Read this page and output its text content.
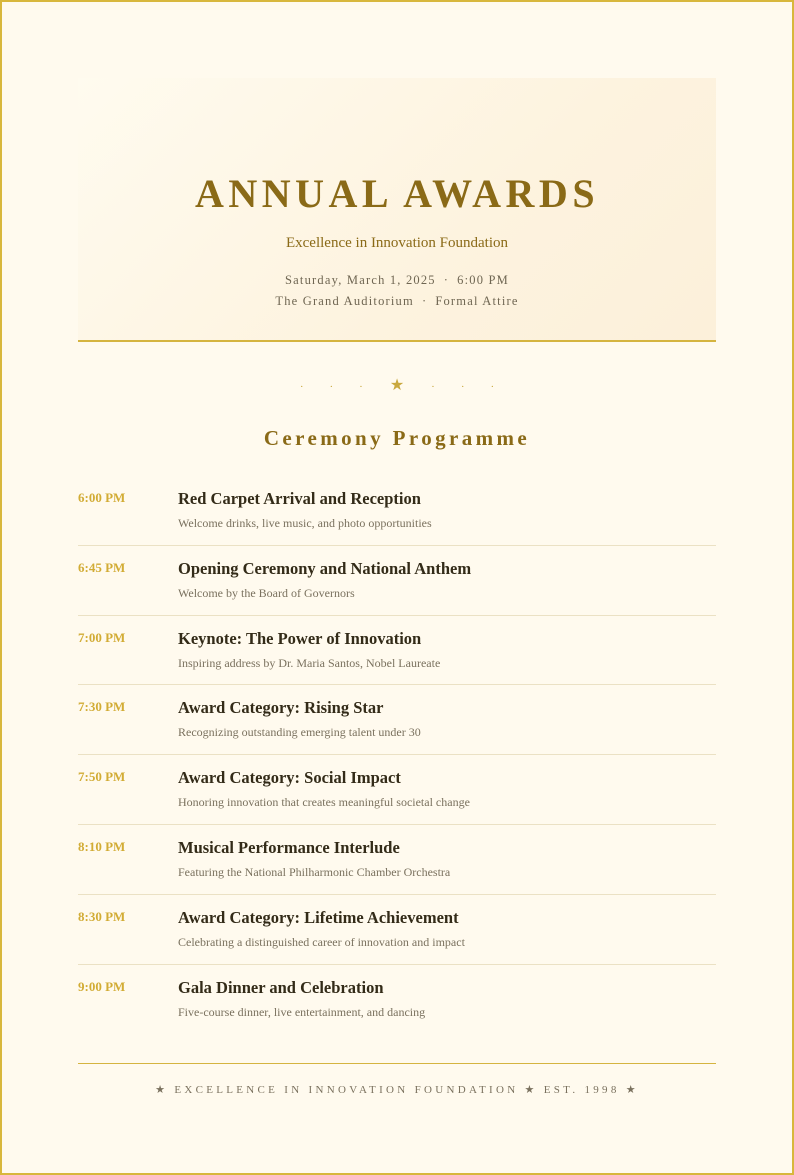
ANNUAL AWARDS
Excellence in Innovation Foundation
Saturday, March 1, 2025 · 6:00 PM
The Grand Auditorium · Formal Attire
· · · ★ · · ·
Ceremony Programme
6:00 PM	Red Carpet Arrival and Reception
Welcome drinks, live music, and photo opportunities
6:45 PM	Opening Ceremony and National Anthem
Welcome by the Board of Governors
7:00 PM	Keynote: The Power of Innovation
Inspiring address by Dr. Maria Santos, Nobel Laureate
7:30 PM	Award Category: Rising Star
Recognizing outstanding emerging talent under 30
7:50 PM	Award Category: Social Impact
Honoring innovation that creates meaningful societal change
8:10 PM	Musical Performance Interlude
Featuring the National Philharmonic Chamber Orchestra
8:30 PM	Award Category: Lifetime Achievement
Celebrating a distinguished career of innovation and impact
9:00 PM	Gala Dinner and Celebration
Five-course dinner, live entertainment, and dancing
★ EXCELLENCE IN INNOVATION FOUNDATION ★ EST. 1998 ★
